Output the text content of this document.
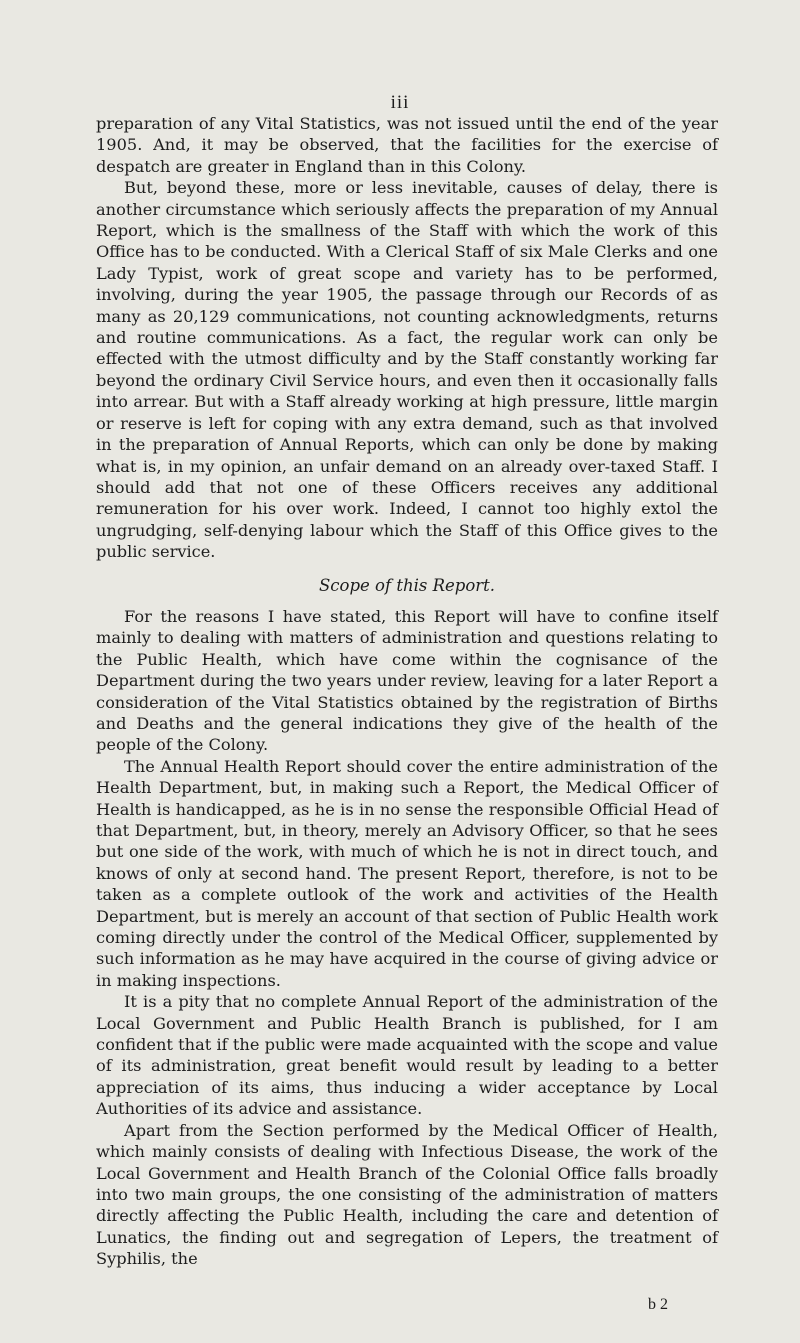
iii

preparation of any Vital Statistics, was not issued until the end of the year 1905. And, it may be observed, that the facilities for the exercise of despatch are greater in England than in this Colony.

But, beyond these, more or less inevitable, causes of delay, there is another circumstance which seriously affects the preparation of my Annual Report, which is the smallness of the Staff with which the work of this Office has to be conducted. With a Clerical Staff of six Male Clerks and one Lady Typist, work of great scope and variety has to be performed, involving, during the year 1905, the passage through our Records of as many as 20,129 communications, not counting acknowledgments, returns and routine communications. As a fact, the regular work can only be effected with the utmost difficulty and by the Staff constantly working far beyond the ordinary Civil Service hours, and even then it occasionally falls into arrear. But with a Staff already working at high pressure, little margin or reserve is left for coping with any extra demand, such as that involved in the preparation of Annual Reports, which can only be done by making what is, in my opinion, an unfair demand on an already over-taxed Staff. I should add that not one of these Officers receives any additional remuneration for his over work. Indeed, I cannot too highly extol the ungrudging, self-denying labour which the Staff of this Office gives to the public service.

Scope of this Report.

For the reasons I have stated, this Report will have to confine itself mainly to dealing with matters of administration and questions relating to the Public Health, which have come within the cognisance of the Department during the two years under review, leaving for a later Report a consideration of the Vital Statistics obtained by the registration of Births and Deaths and the general indications they give of the health of the people of the Colony.

The Annual Health Report should cover the entire administration of the Health Department, but, in making such a Report, the Medical Officer of Health is handicapped, as he is in no sense the responsible Official Head of that Department, but, in theory, merely an Advisory Officer, so that he sees but one side of the work, with much of which he is not in direct touch, and knows of only at second hand. The present Report, therefore, is not to be taken as a complete outlook of the work and activities of the Health Department, but is merely an account of that section of Public Health work coming directly under the control of the Medical Officer, supplemented by such information as he may have acquired in the course of giving advice or in making inspections.

It is a pity that no complete Annual Report of the administration of the Local Government and Public Health Branch is published, for I am confident that if the public were made acquainted with the scope and value of its administration, great benefit would result by leading to a better appreciation of its aims, thus inducing a wider acceptance by Local Authorities of its advice and assistance.

Apart from the Section performed by the Medical Officer of Health, which mainly consists of dealing with Infectious Disease, the work of the Local Government and Health Branch of the Colonial Office falls broadly into two main groups, the one consisting of the administration of matters directly affecting the Public Health, including the care and detention of Lunatics, the finding out and segregation of Lepers, the treatment of Syphilis, the

b 2
